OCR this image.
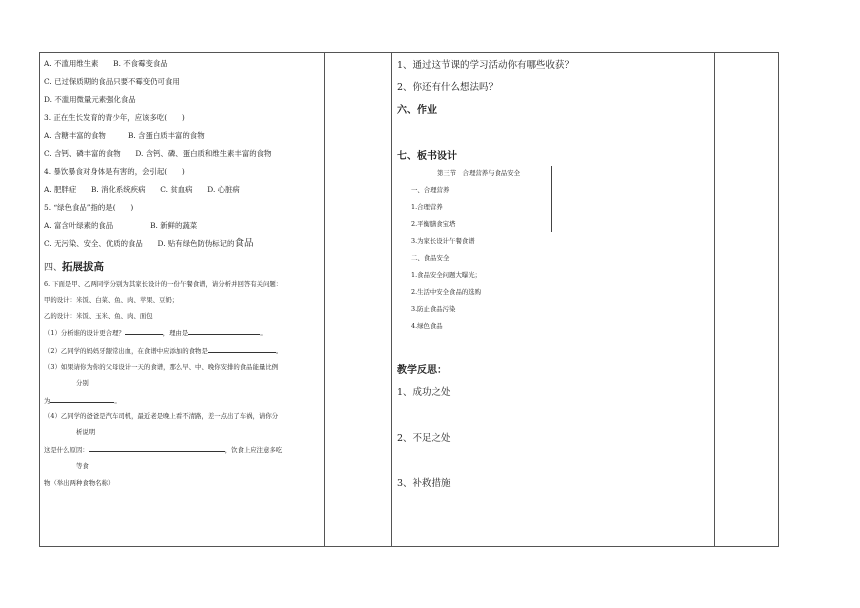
A. 不滥用维生素　　B. 不食霉变食品
C. 已过保质期的食品只要不霉变仍可食用
D. 不滥用微量元素强化食品
3. 正在生长发育的青少年，应该多吃(　　)
A. 含糖丰富的食物　　　B. 含蛋白质丰富的食物
C. 含钙、磷丰富的食物　　D. 含钙、磷、蛋白质和维生素丰富的食物
4. 暴饮暴食对身体是有害的，会引起(　　)
A. 肥胖症　　B. 消化系统疾病　　C. 贫血病　　D. 心脏病
5. “绿色食品”指的是(　　)
A. 富含叶绿素的食品　　　　　B. 新鲜的蔬菜
C. 无污染、安全、优质的食品　　D. 贴有绿色防伪标记的食品
四、拓展拔高
6. 下面是甲、乙两同学分别为其家长设计的一份午餐食谱，请分析并回答有关问题：
甲的设计：米饭、白菜、鱼、肉、苹果、豆奶；
乙的设计：米饭、玉米、鱼、肉、面包
（1）分析谁的设计更合理？	，理由是	。
（2）乙同学的妈妈牙龈常出血，在食谱中应添加的食物是	。
（3）如果请你为你的父母设计一天的食谱，那么早、中、晚你安排的食品能量比例
分别
为	。
（4）乙同学的爸爸是汽车司机，最近老是晚上看不清路，差一点出了车祸，请你分
析说明
这是什么原因：	，饮食上应注意多吃
等食
物（举出两种食物名称）
1、通过这节课的学习活动你有哪些收获？
2、你还有什么想法吗？
六、作业
七、板书设计
第三节　合理营养与食品安全
一、合理营养
1.合理营养
2.平衡膳食宝塔
3.为家长设计午餐食谱
二、食品安全
1.食品安全问题大曝光；
2.生活中安全食品的选购
3.防止食品污染
4.绿色食品
教学反思：
1、成功之处
2、不足之处
3、补救措施
